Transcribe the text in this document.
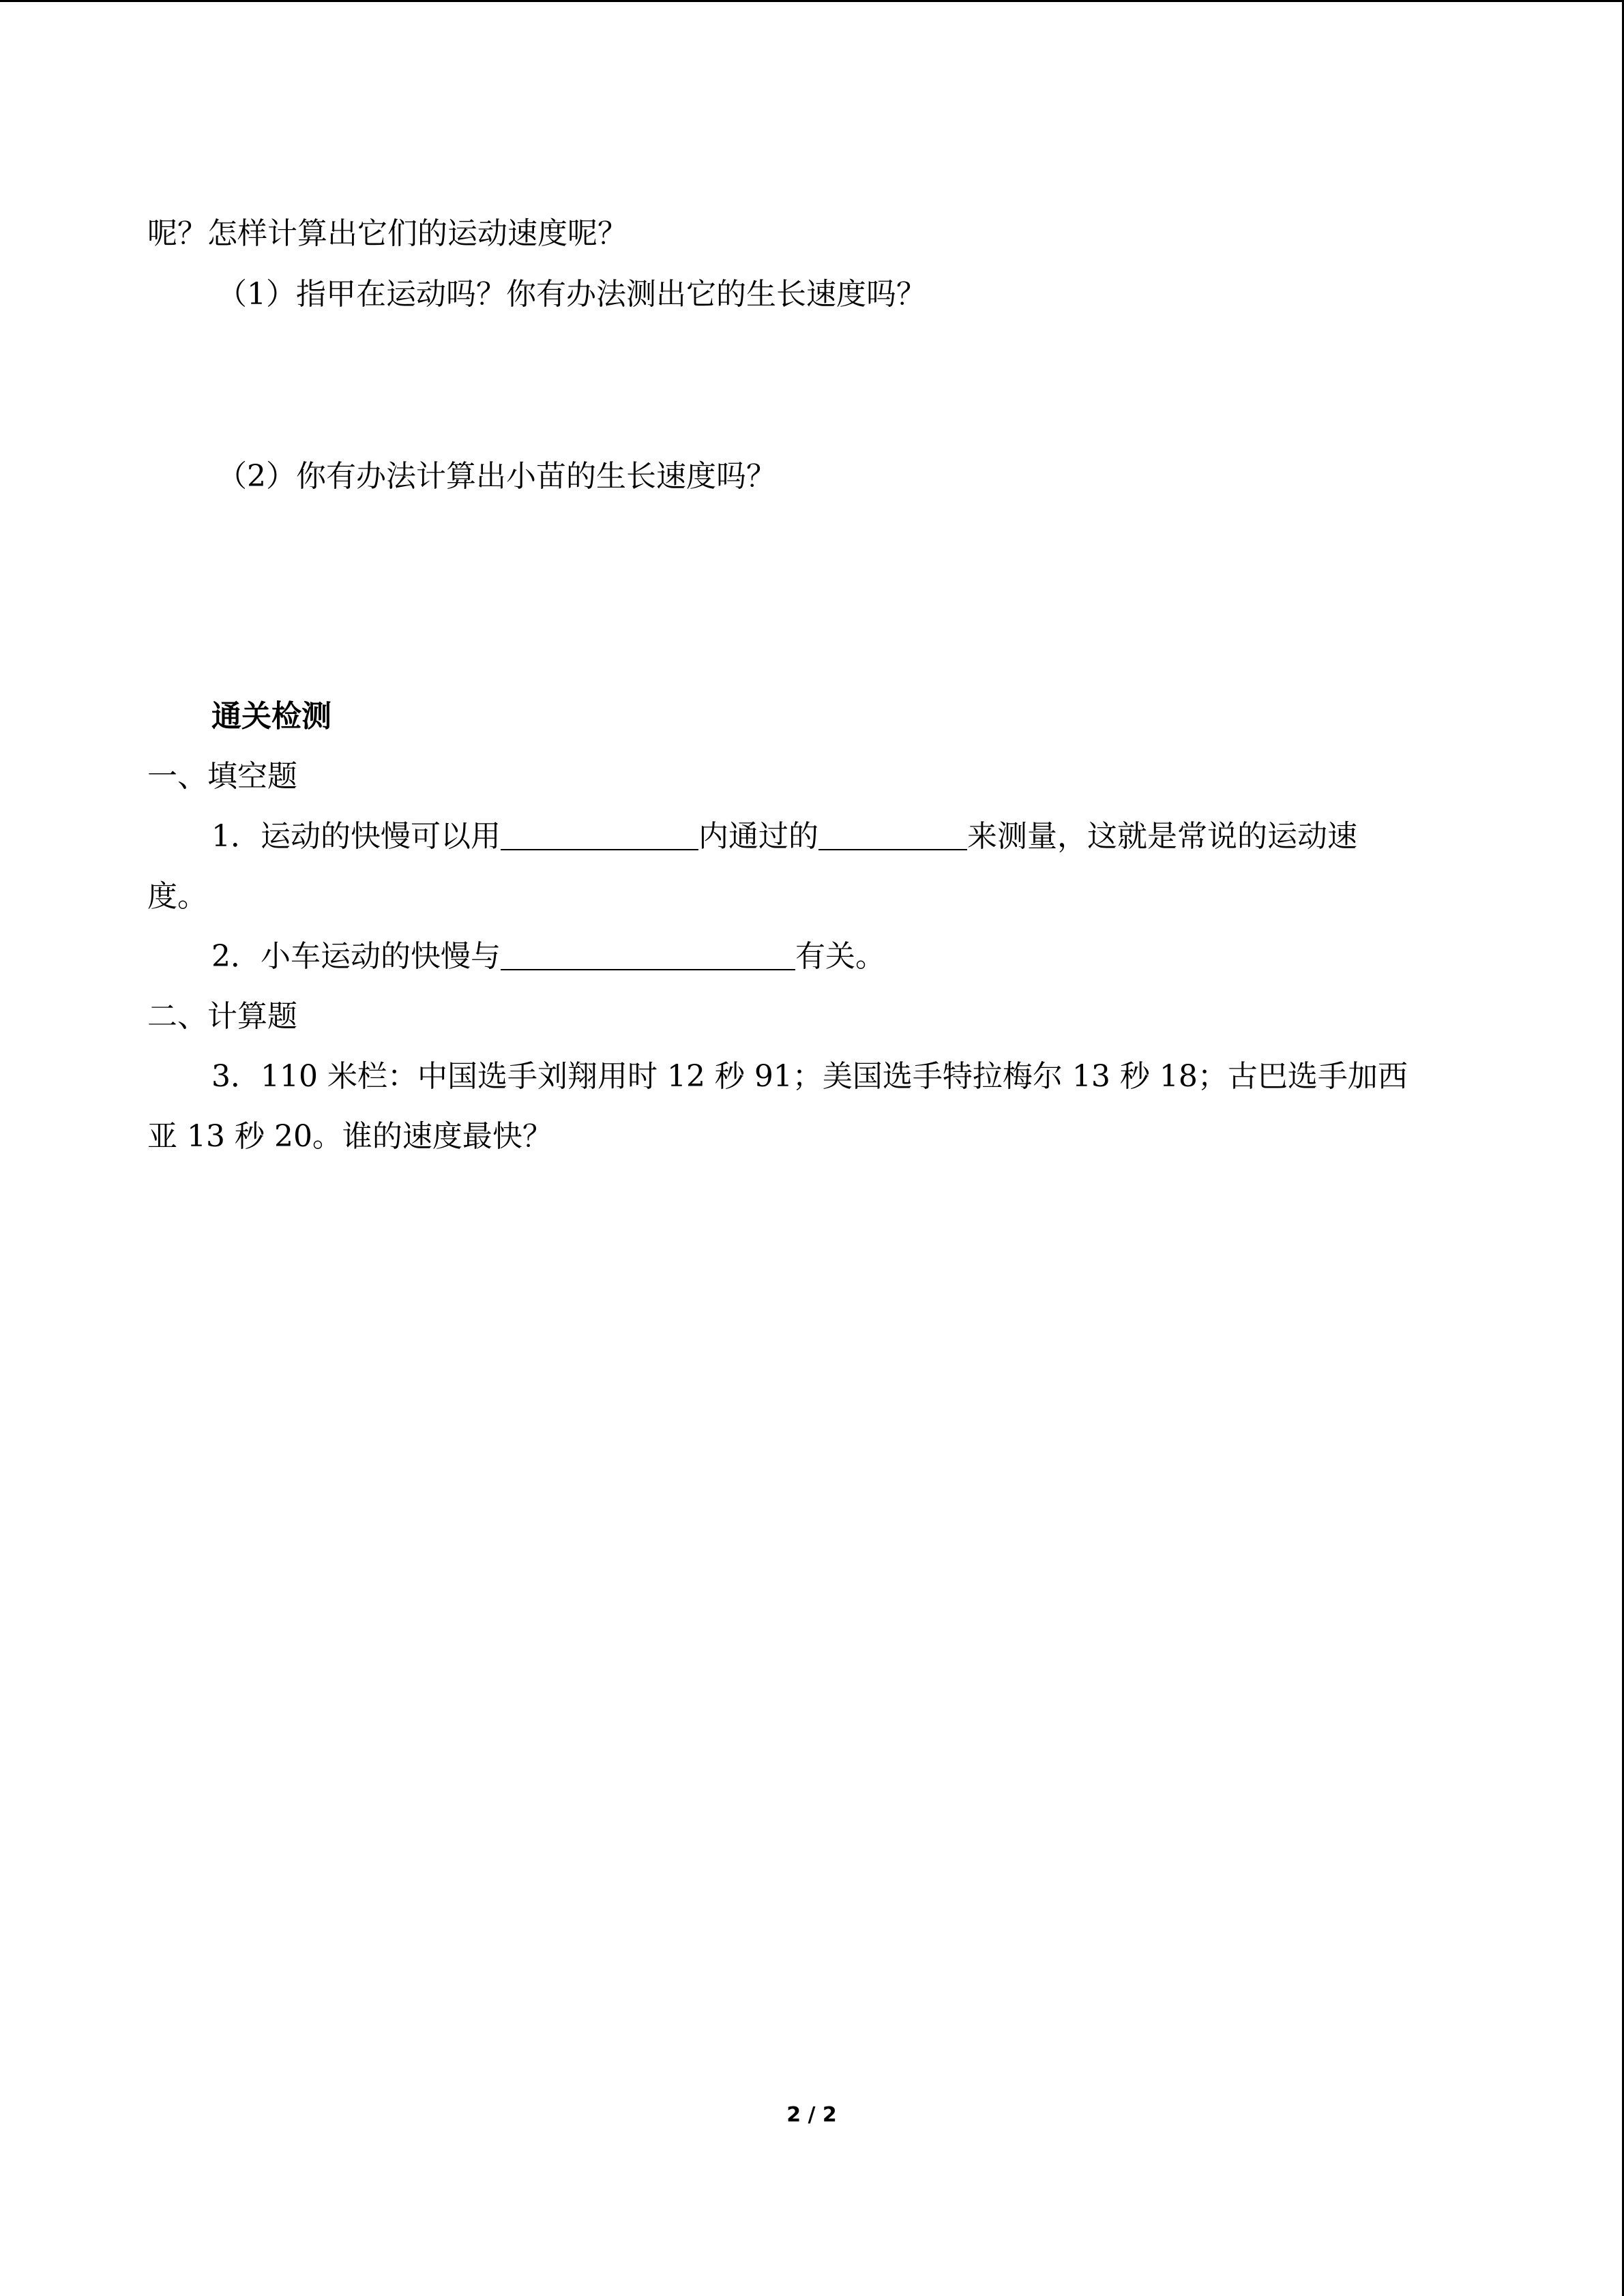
呢？怎样计算出它们的运动速度呢？
（1）指甲在运动吗？你有办法测出它的生长速度吗？
（2）你有办法计算出小苗的生长速度吗？
通关检测
一、填空题
1．运动的快慢可以用	内通过的	来测量，这就是常说的运动速
度。
2．小车运动的快慢与	有关。
二、计算题
3．110 米栏：中国选手刘翔用时 12 秒 91；美国选手特拉梅尔 13 秒 18；古巴选手加西
亚 13 秒 20。谁的速度最快？
2 / 2
